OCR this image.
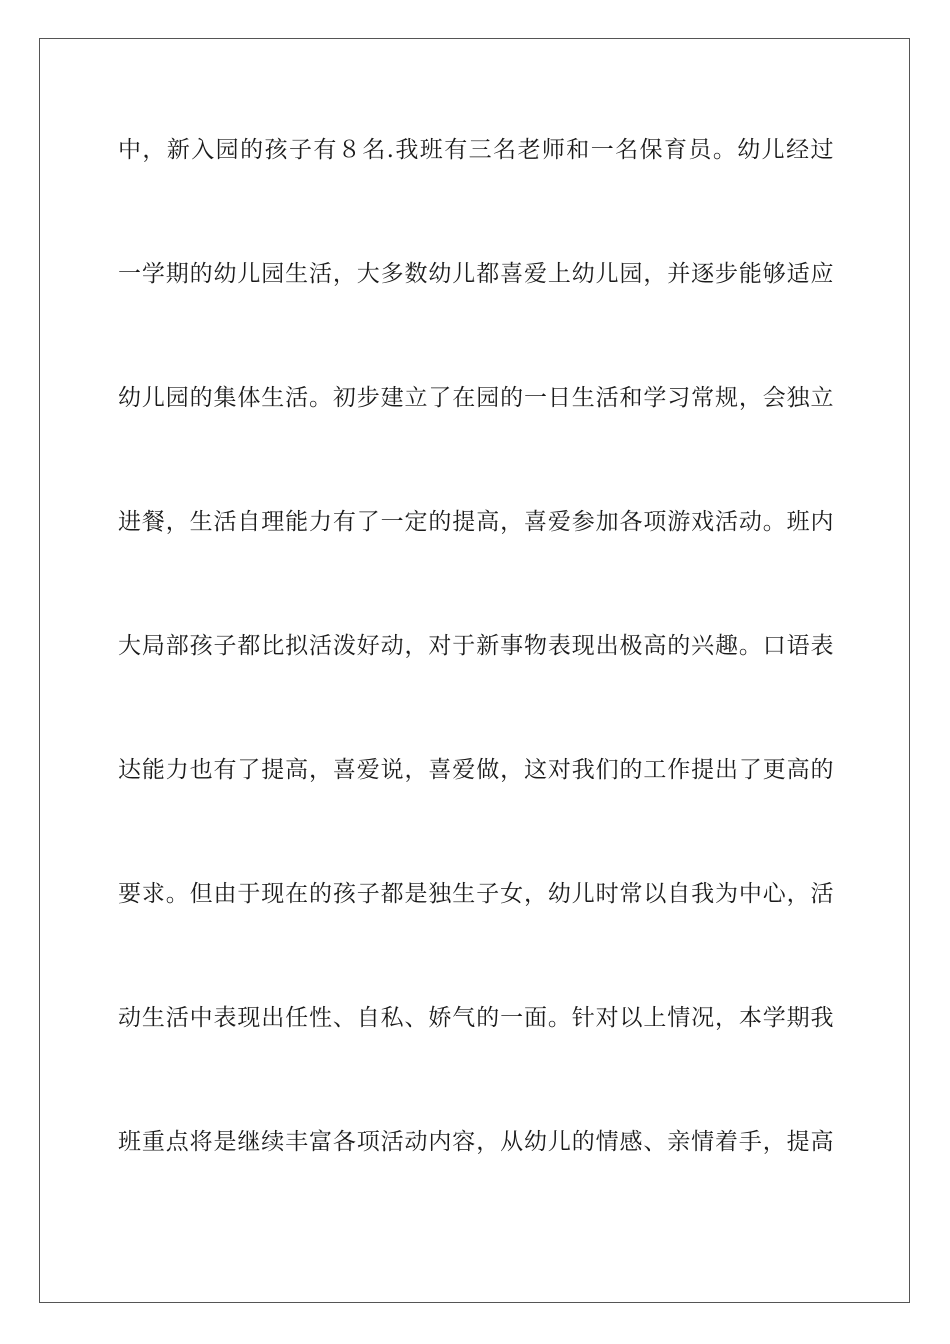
中，新入园的孩子有８名.我班有三名老师和一名保育员。幼儿经过
一学期的幼儿园生活，大多数幼儿都喜爱上幼儿园，并逐步能够适应
幼儿园的集体生活。初步建立了在园的一日生活和学习常规，会独立
进餐，生活自理能力有了一定的提高，喜爱参加各项游戏活动。班内
大局部孩子都比拟活泼好动，对于新事物表现出极高的兴趣。口语表
达能力也有了提高，喜爱说，喜爱做，这对我们的工作提出了更高的
要求。但由于现在的孩子都是独生子女，幼儿时常以自我为中心，活
动生活中表现出任性、自私、娇气的一面。针对以上情况，本学期我
班重点将是继续丰富各项活动内容，从幼儿的情感、亲情着手，提高
